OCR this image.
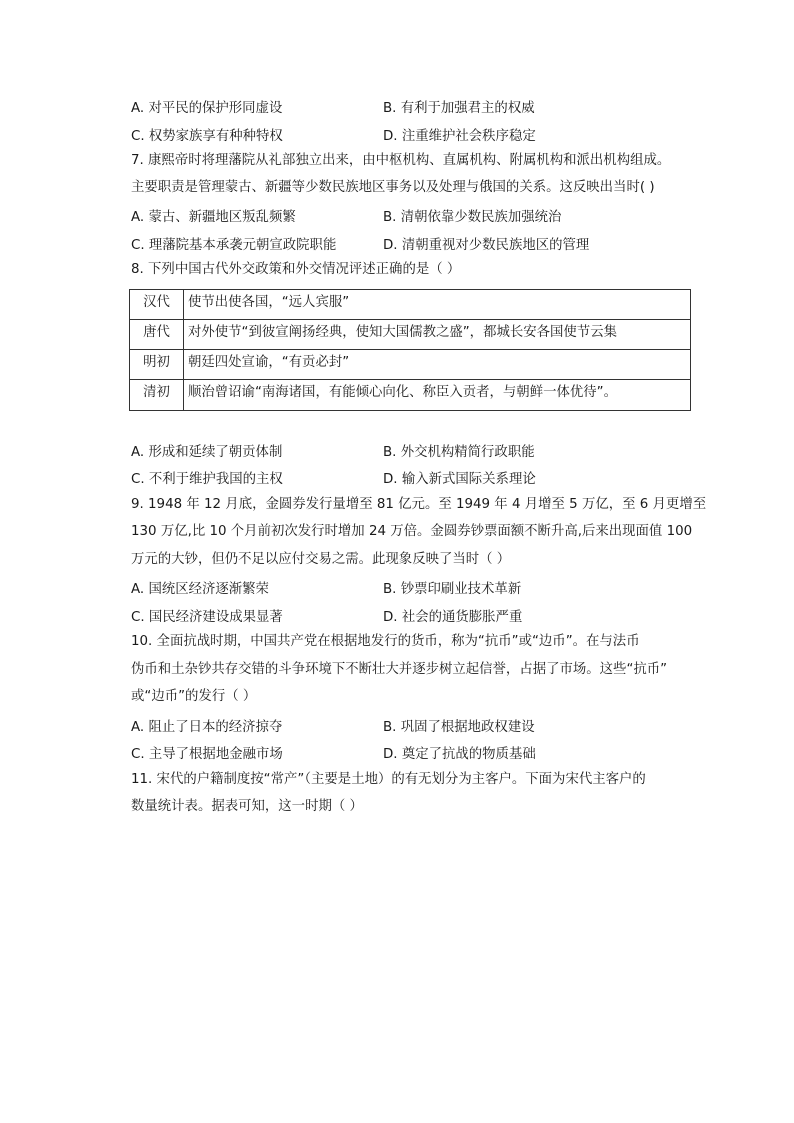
A. 对平民的保护形同虚设	B. 有利于加强君主的权威
C. 权势家族享有种种特权	D. 注重维护社会秩序稳定
7. 康熙帝时将理藩院从礼部独立出来，由中枢机构、直属机构、附属机构和派出机构组成。
主要职责是管理蒙古、新疆等少数民族地区事务以及处理与俄国的关系。这反映出当时( )
A. 蒙古、新疆地区叛乱频繁	B. 清朝依靠少数民族加强统治
C. 理藩院基本承袭元朝宣政院职能	D. 清朝重视对少数民族地区的管理
8. 下列中国古代外交政策和外交情况评述正确的是（ ）
汉代	使节出使各国，“远人宾服”
唐代	对外使节“到彼宣阐扬经典，使知大国儒教之盛”，都城长安各国使节云集
明初	朝廷四处宣谕，“有贡必封”
清初	顺治曾诏谕“南海诸国，有能倾心向化、称臣入贡者，与朝鲜一体优待”。
A. 形成和延续了朝贡体制	B. 外交机构精简行政职能
C. 不利于维护我国的主权	D. 输入新式国际关系理论
9. 1948 年 12 月底，金圆券发行量增至 81 亿元。至 1949 年 4 月增至 5 万亿，至 6 月更增至
130 万亿,比 10 个月前初次发行时增加 24 万倍。金圆券钞票面额不断升高,后来出现面值 100
万元的大钞，但仍不足以应付交易之需。此现象反映了当时（ ）
A. 国统区经济逐渐繁荣	B. 钞票印刷业技术革新
C. 国民经济建设成果显著	D. 社会的通货膨胀严重
10. 全面抗战时期，中国共产党在根据地发行的货币，称为“抗币”或“边币”。在与法币
伪币和土杂钞共存交错的斗争环境下不断壮大并逐步树立起信誉，占据了市场。这些“抗币”
或“边币”的发行（ ）
A. 阻止了日本的经济掠夺	B. 巩固了根据地政权建设
C. 主导了根据地金融市场	D. 奠定了抗战的物质基础
11. 宋代的户籍制度按“常产”（主要是土地）的有无划分为主客户。下面为宋代主客户的
数量统计表。据表可知，这一时期（ ）
